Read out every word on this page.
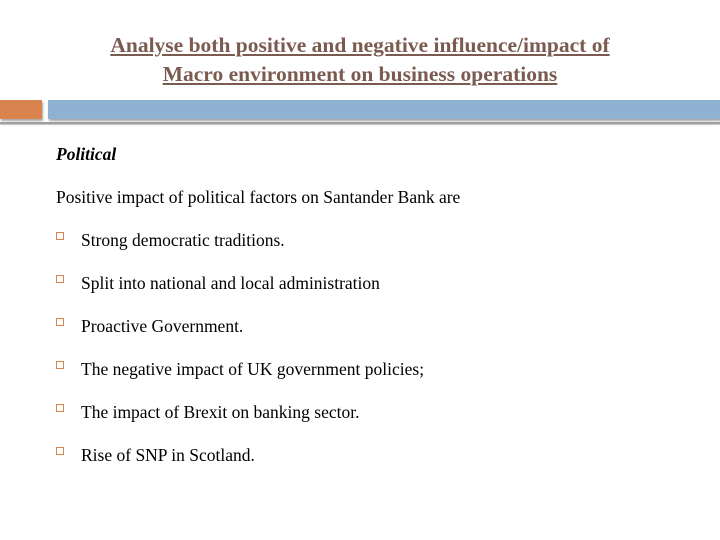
Analyse both positive and negative influence/impact of
Macro environment on business operations
Political
Positive impact of political factors on Santander Bank are
Strong democratic traditions.
Split into national and local administration
Proactive Government.
The negative impact of UK government policies;
The impact of Brexit on banking sector.
Rise of SNP in Scotland.
